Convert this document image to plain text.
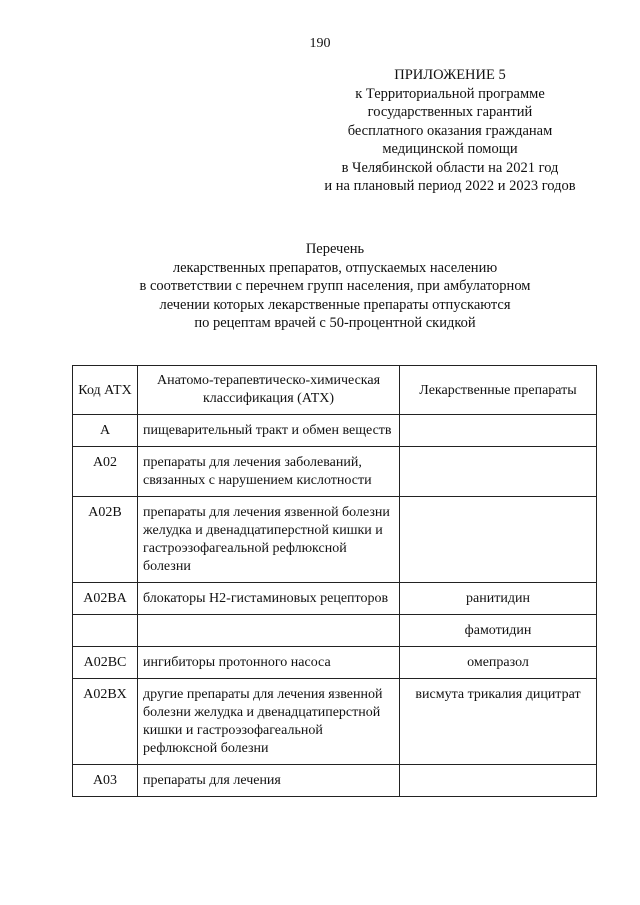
190
ПРИЛОЖЕНИЕ 5
к Территориальной программе
государственных гарантий
бесплатного оказания гражданам
медицинской помощи
в Челябинской области на 2021 год
и на плановый период 2022 и 2023 годов
Перечень
лекарственных препаратов, отпускаемых населению
в соответствии с перечнем групп населения, при амбулаторном
лечении которых лекарственные препараты отпускаются
по рецептам врачей с 50-процентной скидкой
Код АТХ	Анатомо-терапевтическо-химическая классификация (АТХ)	Лекарственные препараты
A	пищеварительный тракт и обмен веществ	
A02	препараты для лечения заболеваний, связанных с нарушением кислотности	
A02B	препараты для лечения язвенной болезни желудка и двенадцатиперстной кишки и гастроэзофагеальной рефлюксной болезни	
A02BA	блокаторы Н2-гистаминовых рецепторов	ранитидин
		фамотидин
A02BC	ингибиторы протонного насоса	омепразол
A02BX	другие препараты для лечения язвенной болезни желудка и двенадцатиперстной кишки и гастроэзофагеальной рефлюксной болезни	висмута трикалия дицитрат
A03	препараты для лечения	
